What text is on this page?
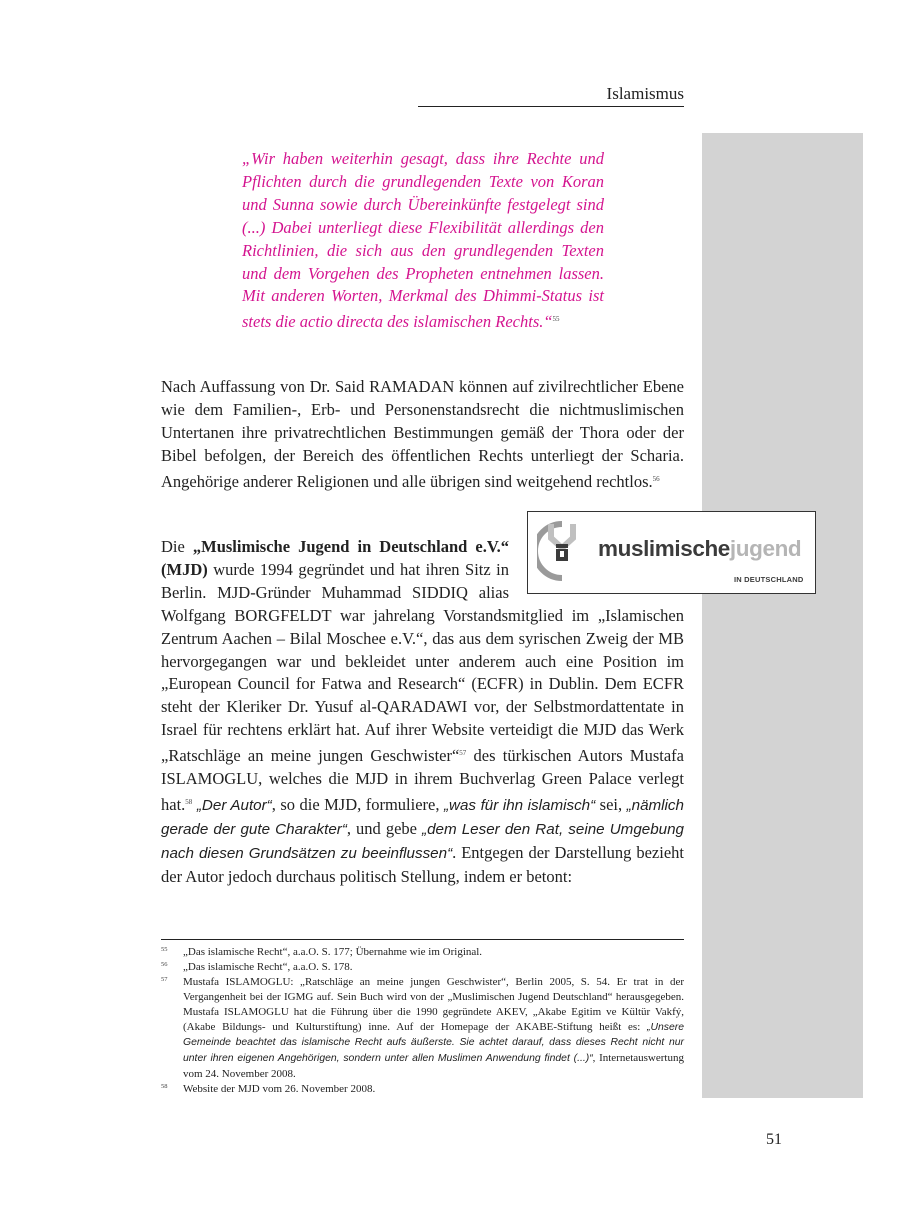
Islamismus
„Wir haben weiterhin gesagt, dass ihre Rechte und Pflichten durch die grundlegenden Texte von Koran und Sunna sowie durch Übereinkünfte festgelegt sind (...) Dabei unterliegt diese Flexibilität allerdings den Richtlinien, die sich aus den grundlegenden Texten und dem Vorgehen des Propheten entnehmen lassen. Mit anderen Worten, Merkmal des Dhimmi-Status ist stets die actio directa des islamischen Rechts.“$^{55}$
Nach Auffassung von Dr. Said RAMADAN können auf zivilrechtlicher Ebene wie dem Familien-, Erb- und Personenstandsrecht die nichtmuslimischen Untertanen ihre privatrechtlichen Bestimmungen gemäß der Thora oder der Bibel befolgen, der Bereich des öffentlichen Rechts unterliegt der Scharia. Angehörige anderer Religionen und alle übrigen sind weitgehend rechtlos.$^{56}$
muslimischejugend
IN DEUTSCHLAND
Die „Muslimische Jugend in Deutschland e.V.“ (MJD) wurde 1994 gegründet und hat ihren Sitz in Berlin. MJD-Gründer Muhammad SIDDIQ alias Wolfgang BORGFELDT war jahrelang Vorstandsmitglied im „Islamischen Zentrum Aachen – Bilal Moschee e.V.“, das aus dem syrischen Zweig der MB hervorgegangen war und bekleidet unter anderem auch eine Position im „European Council for Fatwa and Research“ (ECFR) in Dublin. Dem ECFR steht der Kleriker Dr. Yusuf al-QARADAWI vor, der Selbstmordattentate in Israel für rechtens erklärt hat. Auf ihrer Website verteidigt die MJD das Werk „Ratschläge an meine jungen Geschwister“$^{57}$ des türkischen Autors Mustafa ISLAMOGLU, welches die MJD in ihrem Buchverlag Green Palace verlegt hat.$^{58}$ „Der Autor“, so die MJD, formuliere, „was für ihn islamisch“ sei, „nämlich gerade der gute Charakter“, und gebe „dem Leser den Rat, seine Umgebung nach diesen Grundsätzen zu beeinflussen“. Entgegen der Darstellung bezieht der Autor jedoch durchaus politisch Stellung, indem er betont:
55 „Das islamische Recht“, a.a.O. S. 177; Übernahme wie im Original.
56 „Das islamische Recht“, a.a.O. S. 178.
57 Mustafa ISLAMOGLU: „Ratschläge an meine jungen Geschwister“, Berlin 2005, S. 54. Er trat in der Vergangenheit bei der IGMG auf. Sein Buch wird von der „Muslimischen Jugend Deutschland“ herausgegeben. Mustafa ISLAMOGLU hat die Führung über die 1990 gegründete AKEV, „Akabe Egitim ve Kültür Vakfý, (Akabe Bildungs- und Kulturstiftung) inne. Auf der Homepage der AKABE-Stiftung heißt es: „Unsere Gemeinde beachtet das islamische Recht aufs äußerste. Sie achtet darauf, dass dieses Recht nicht nur unter ihren eigenen Angehörigen, sondern unter allen Muslimen Anwendung findet (...)“, Internetauswertung vom 24. November 2008.
58 Website der MJD vom 26. November 2008.
51
